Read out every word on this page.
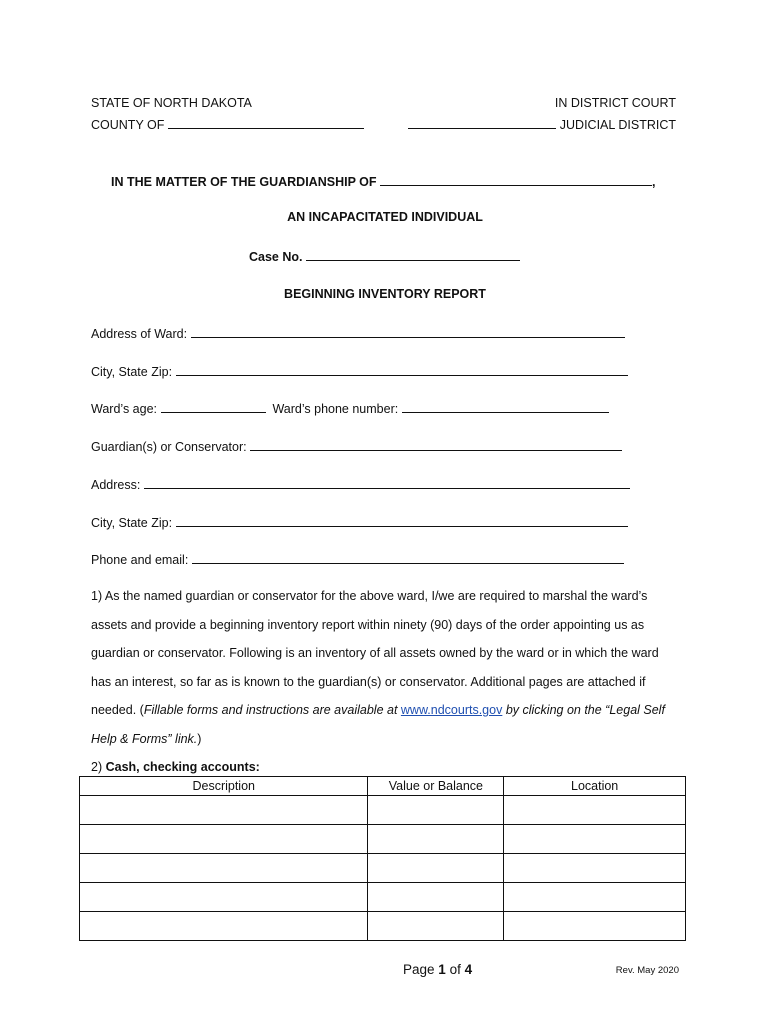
STATE OF NORTH DAKOTA	IN DISTRICT COURT
COUNTY OF	JUDICIAL DISTRICT
IN THE MATTER OF THE GUARDIANSHIP OF	,
AN INCAPACITATED INDIVIDUAL
Case No.
BEGINNING INVENTORY REPORT
Address of Ward:
City, State Zip:
Ward’s age:	Ward’s phone number:
Guardian(s) or Conservator:
Address:
City, State Zip:
Phone and email:
1) As the named guardian or conservator for the above ward, I/we are required to marshal the ward’s assets and provide a beginning inventory report within ninety (90) days of the order appointing us as guardian or conservator. Following is an inventory of all assets owned by the ward or in which the ward has an interest, so far as is known to the guardian(s) or conservator. Additional pages are attached if needed. (Fillable forms and instructions are available at www.ndcourts.gov by clicking on the “Legal Self Help & Forms” link.)
2) Cash, checking accounts:
Description	Value or Balance	Location

Page 1 of 4	Rev. May 2020
